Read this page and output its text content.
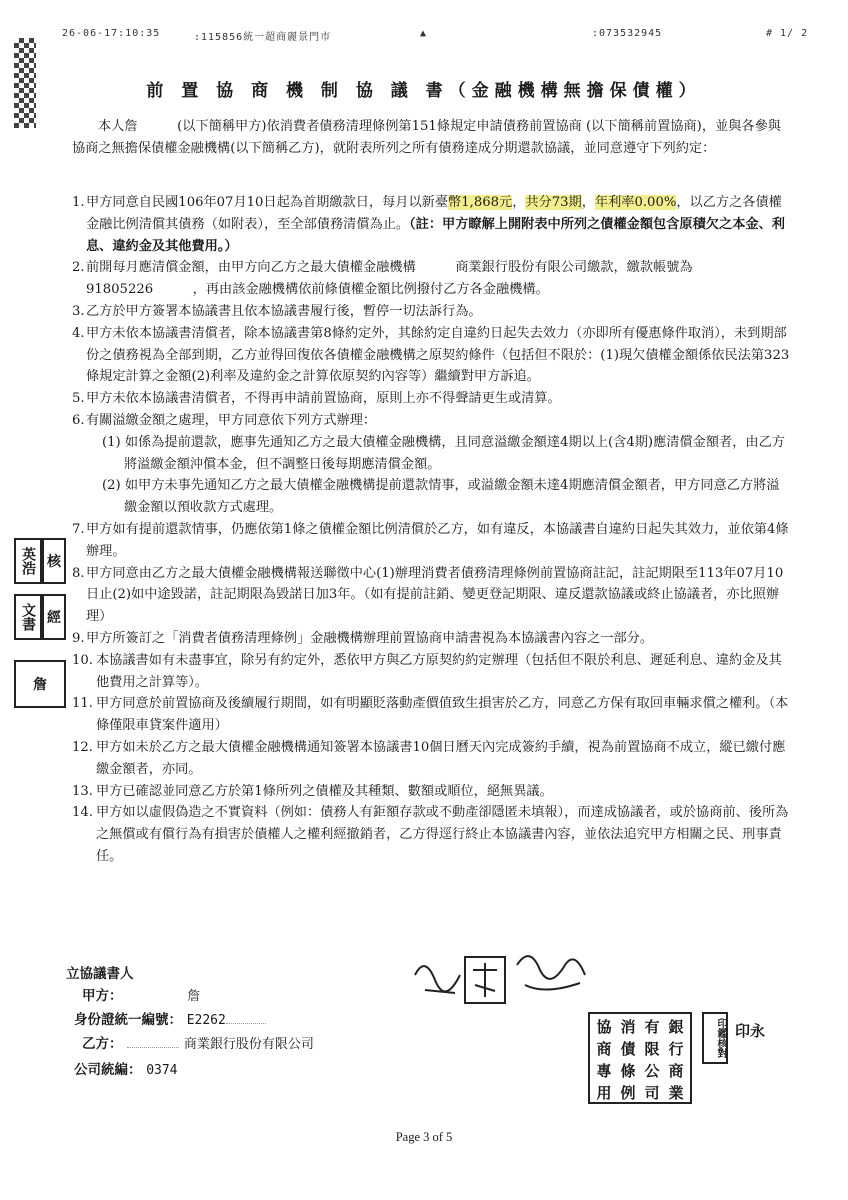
26-06-17:10:35	:115856統一超商麗景門市	▲	:073532945	# 1/ 2
前 置 協 商 機 制 協 議 書（金融機構無擔保債權）
本人詹　　　(以下簡稱甲方)依消費者債務清理條例第151條規定申請債務前置協商 (以下簡稱前置協商)，並與各參與協商之無擔保債權金融機構(以下簡稱乙方)，就附表所列之所有債務達成分期還款協議，並同意遵守下列約定：
1. 甲方同意自民國106年07月10日起為首期繳款日，每月以新臺幣1,868元，共分73期，年利率0.00%，以乙方之各債權金融比例清償其債務（如附表），至全部債務清償為止。（註：甲方瞭解上開附表中所列之債權金額包含原積欠之本金、利息、違約金及其他費用。）
2. 前開每月應清償金額，由甲方向乙方之最大債權金融機構　　　商業銀行股份有限公司繳款，繳款帳號為91805226　　　，再由該金融機構依前條債權金額比例撥付乙方各金融機構。
3. 乙方於甲方簽署本協議書且依本協議書履行後，暫停一切法訴行為。
4. 甲方未依本協議書清償者，除本協議書第8條約定外，其餘約定自違約日起失去效力（亦即所有優惠條件取消），未到期部份之債務視為全部到期，乙方並得回復依各債權金融機構之原契約條件（包括但不限於：(1)現欠債權金額係依民法第323條規定計算之金額(2)利率及違約金之計算依原契約內容等）繼續對甲方訴追。
5. 甲方未依本協議書清償者，不得再申請前置協商，原則上亦不得聲請更生或清算。
6. 有關溢繳金額之處理，甲方同意依下列方式辦理：
(1) 如係為提前還款，應事先通知乙方之最大債權金融機構，且同意溢繳金額達4期以上(含4期)應清償金額者，由乙方將溢繳金額沖償本金，但不調整日後每期應清償金額。
(2) 如甲方未事先通知乙方之最大債權金融機構提前還款情事，或溢繳金額未達4期應清償金額者，甲方同意乙方將溢繳金額以預收款方式處理。
7. 甲方如有提前還款情事，仍應依第1條之債權金額比例清償於乙方，如有違反，本協議書自違約日起失其效力，並依第4條辦理。
8. 甲方同意由乙方之最大債權金融機構報送聯徵中心(1)辦理消費者債務清理條例前置協商註記，註記期限至113年07月10日止(2)如中途毀諾，註記期限為毀諾日加3年。（如有提前註銷、變更登記期限、違反還款協議或終止協議者，亦比照辦理）
9. 甲方所簽訂之「消費者債務清理條例」金融機構辦理前置協商申請書視為本協議書內容之一部分。
10. 本協議書如有未盡事宜，除另有約定外，悉依甲方與乙方原契約約定辦理（包括但不限於利息、遲延利息、違約金及其他費用之計算等）。
11. 甲方同意於前置協商及後續履行期間，如有明顯貶落動產價值致生損害於乙方，同意乙方保有取回車輛求償之權利。（本條僅限車貸案件適用）
12. 甲方如未於乙方之最大債權金融機構通知簽署本協議書10個日曆天內完成簽約手續，視為前置協商不成立，縱已繳付應繳金額者，亦同。
13. 甲方已確認並同意乙方於第1條所列之債權及其種類、數額或順位，絕無異議。
14. 甲方如以虛假偽造之不實資料（例如：債務人有鉅額存款或不動產卻隱匿未填報），而達成協議者，或於協商前、後所為之無償或有償行為有損害於債權人之權利經撤銷者，乙方得逕行終止本協議書內容，並依法追究甲方相關之民、刑事責任。
英浩 核
文書 經
詹
立協議書人
甲方：	詹
身份證統一編號： E2262
乙方：	商業銀行股份有限公司
公司統編： 0374
協
商
專
用
消
債
條
例
有
限
公
司
銀
行
商
業
印鑑核對 印永
Page 3 of 5
